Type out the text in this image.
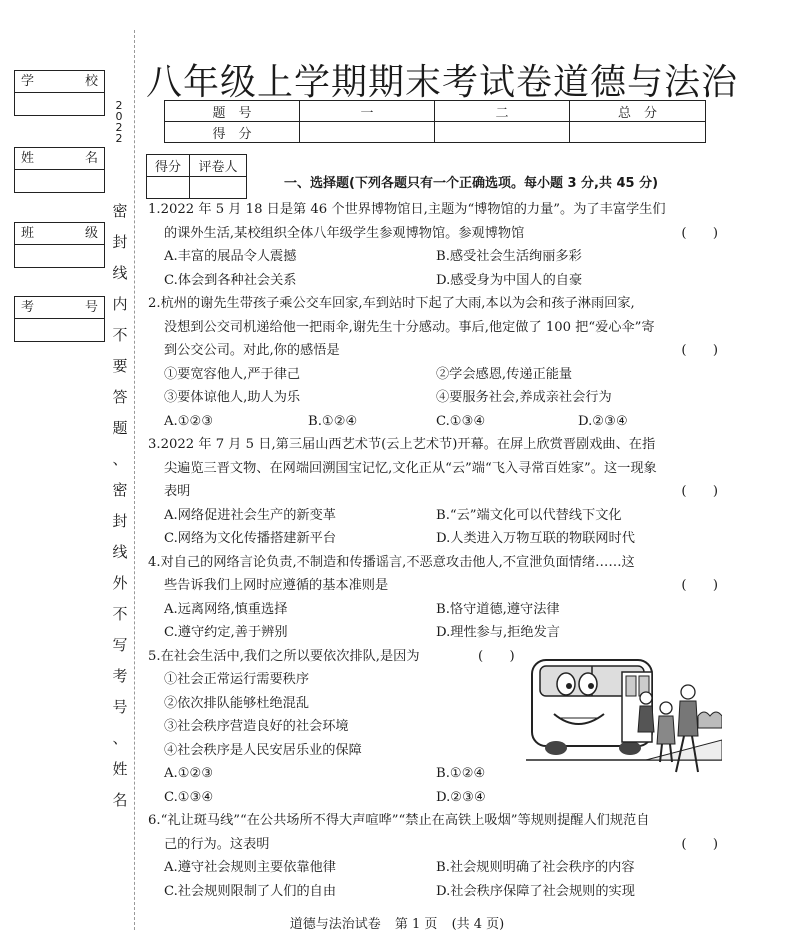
学	校
姓	名
班	级
考	号
2
0
2
2
密
封
线
内
不
要
答
题
、
密
封
线
外
不
写
考
号
、
姓
名
八年级上学期期末考试卷道德与法治
题　号	一	二	总　分
得　分			
得分	评卷人

一、选择题(下列各题只有一个正确选项。每小题 3 分,共 45 分)
1.2022 年 5 月 18 日是第 46 个世界博物馆日,主题为“博物馆的力量”。为了丰富学生们
的课外生活,某校组织全体八年级学生参观博物馆。参观博物馆	(　　)
A.丰富的展品令人震撼	B.感受社会生活绚丽多彩
C.体会到各种社会关系	D.感受身为中国人的自豪
2.杭州的谢先生带孩子乘公交车回家,车到站时下起了大雨,本以为会和孩子淋雨回家,
没想到公交司机递给他一把雨伞,谢先生十分感动。事后,他定做了 100 把“爱心伞”寄
到公交公司。对此,你的感悟是	(　　)
①要宽容他人,严于律己	②学会感恩,传递正能量
③要体谅他人,助人为乐	④要服务社会,养成亲社会行为
A.①②③	B.①②④	C.①③④	D.②③④
3.2022 年 7 月 5 日,第三届山西艺术节(云上艺术节)开幕。在屏上欣赏晋剧戏曲、在指
尖遍览三晋文物、在网端回溯国宝记忆,文化正从“云”端“飞入寻常百姓家”。这一现象
表明	(　　)
A.网络促进社会生产的新变革	B.“云”端文化可以代替线下文化
C.网络为文化传播搭建新平台	D.人类进入万物互联的物联网时代
4.对自己的网络言论负责,不制造和传播谣言,不恶意攻击他人,不宣泄负面情绪……这
些告诉我们上网时应遵循的基本准则是	(　　)
A.远离网络,慎重选择	B.恪守道德,遵守法律
C.遵守约定,善于辨别	D.理性参与,拒绝发言
5.在社会生活中,我们之所以要依次排队,是因为	(　　)
①社会正常运行需要秩序
②依次排队能够杜绝混乱
③社会秩序营造良好的社会环境
④社会秩序是人民安居乐业的保障
A.①②③	B.①②④
C.①③④	D.②③④
6.“礼让斑马线”“在公共场所不得大声喧哗”“禁止在高铁上吸烟”等规则提醒人们规范自
己的行为。这表明	(　　)
A.遵守社会规则主要依靠他律	B.社会规则明确了社会秩序的内容
C.社会规则限制了人们的自由	D.社会秩序保障了社会规则的实现
道德与法治试卷 第 1 页 (共 4 页)
